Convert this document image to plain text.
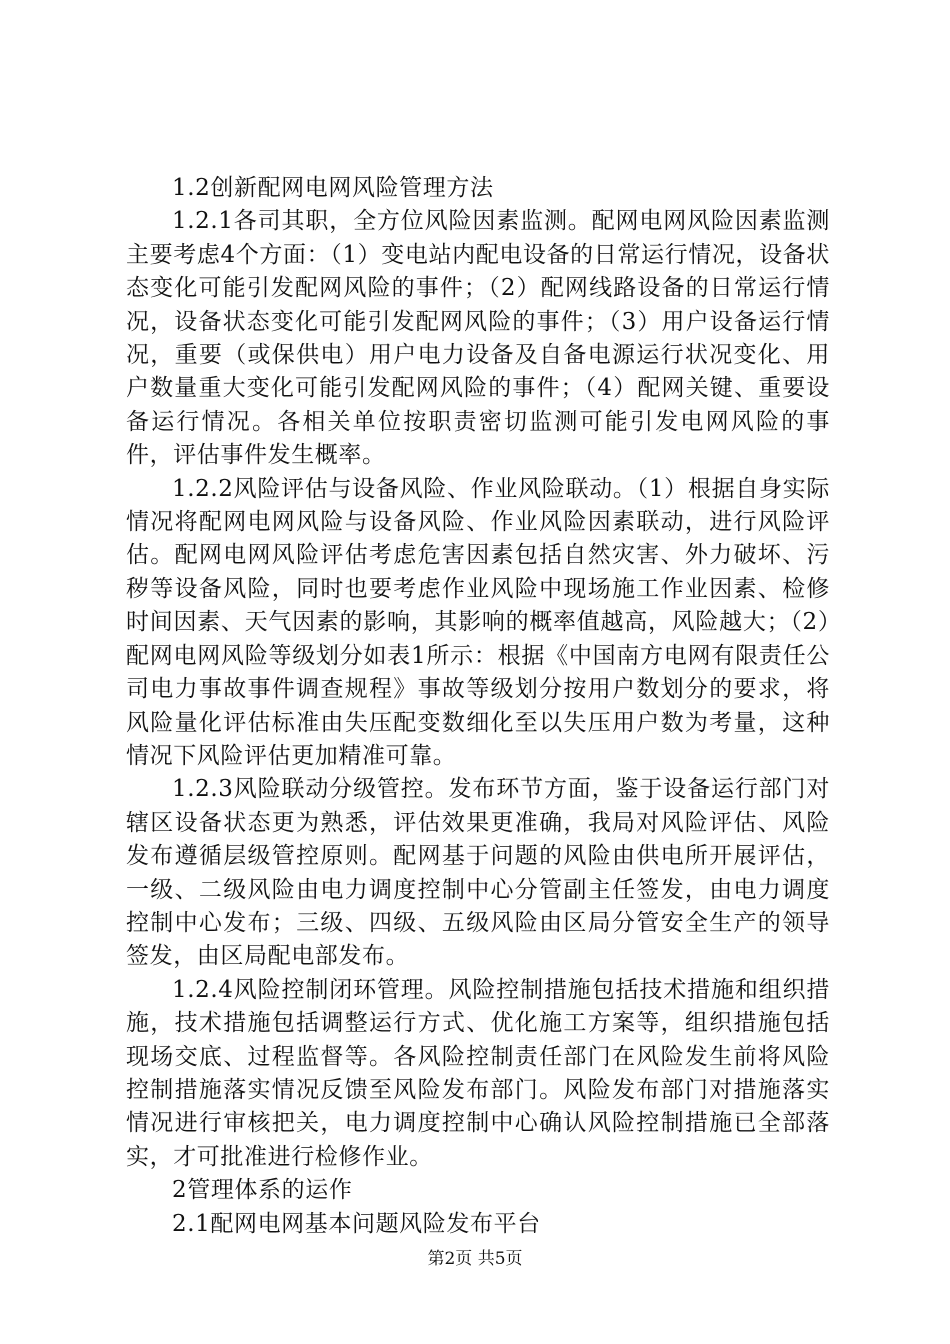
1.2创新配网电网风险管理方法

1.2.1各司其职，全方位风险因素监测。配网电网风险因素监测主要考虑4个方面：（1）变电站内配电设备的日常运行情况，设备状态变化可能引发配网风险的事件；（2）配网线路设备的日常运行情况，设备状态变化可能引发配网风险的事件；（3）用户设备运行情况，重要（或保供电）用户电力设备及自备电源运行状况变化、用户数量重大变化可能引发配网风险的事件；（4）配网关键、重要设备运行情况。各相关单位按职责密切监测可能引发电网风险的事件，评估事件发生概率。

1.2.2风险评估与设备风险、作业风险联动。（1）根据自身实际情况将配网电网风险与设备风险、作业风险因素联动，进行风险评估。配网电网风险评估考虑危害因素包括自然灾害、外力破坏、污秽等设备风险，同时也要考虑作业风险中现场施工作业因素、检修时间因素、天气因素的影响，其影响的概率值越高，风险越大；（2）配网电网风险等级划分如表1所示：根据《中国南方电网有限责任公司电力事故事件调查规程》事故等级划分按用户数划分的要求，将风险量化评估标准由失压配变数细化至以失压用户数为考量，这种情况下风险评估更加精准可靠。

1.2.3风险联动分级管控。发布环节方面，鉴于设备运行部门对辖区设备状态更为熟悉，评估效果更准确，我局对风险评估、风险发布遵循层级管控原则。配网基于问题的风险由供电所开展评估，一级、二级风险由电力调度控制中心分管副主任签发，由电力调度控制中心发布；三级、四级、五级风险由区局分管安全生产的领导签发，由区局配电部发布。

1.2.4风险控制闭环管理。风险控制措施包括技术措施和组织措施，技术措施包括调整运行方式、优化施工方案等，组织措施包括现场交底、过程监督等。各风险控制责任部门在风险发生前将风险控制措施落实情况反馈至风险发布部门。风险发布部门对措施落实情况进行审核把关，电力调度控制中心确认风险控制措施已全部落实，才可批准进行检修作业。

2管理体系的运作

2.1配网电网基本问题风险发布平台

第2页 共5页
